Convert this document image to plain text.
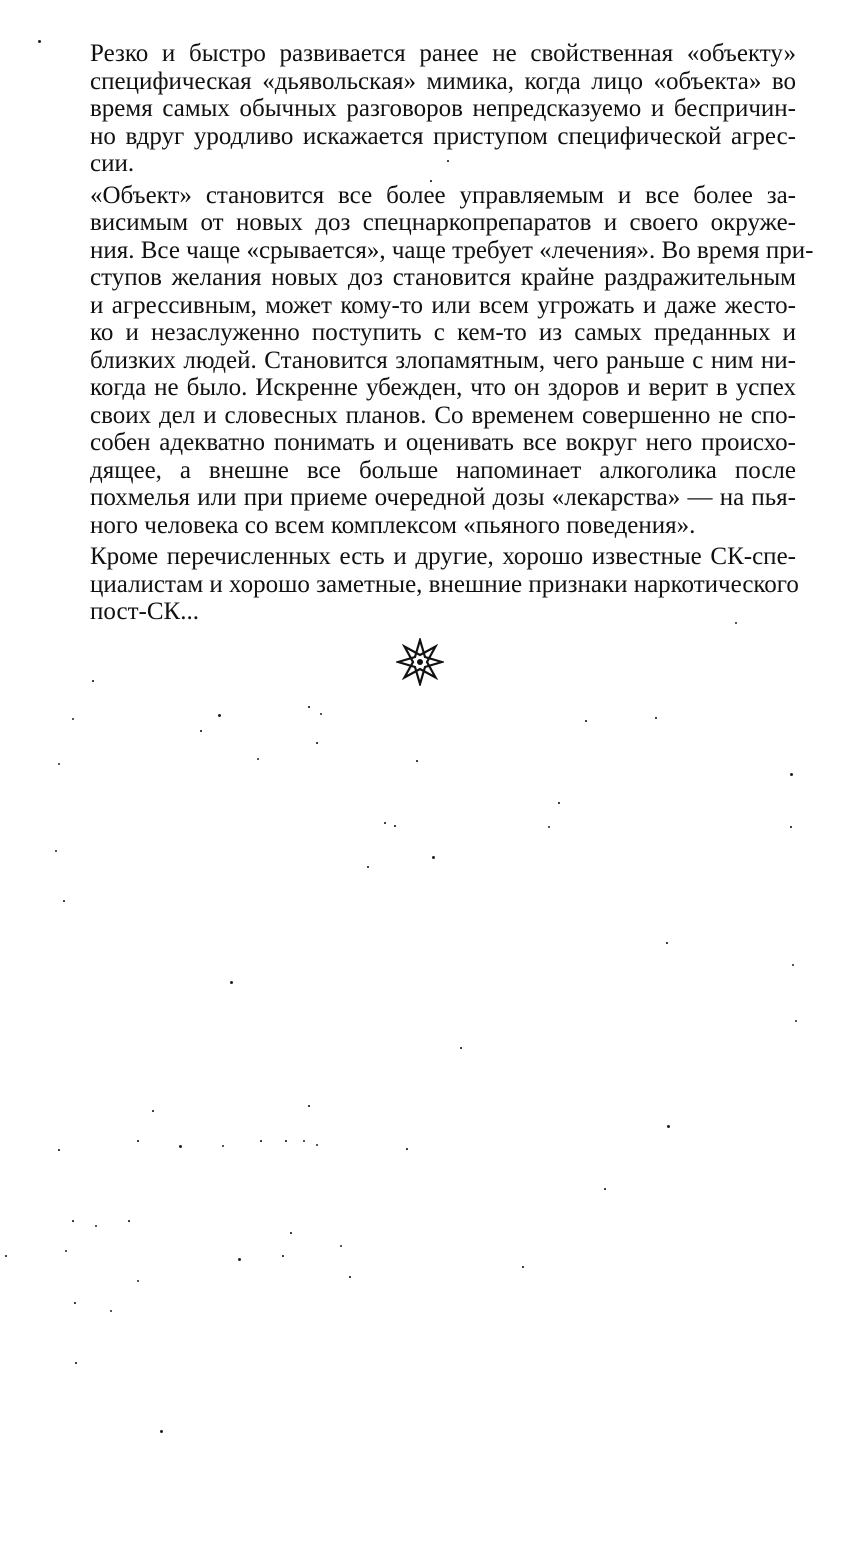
Резко и быстро развивается ранее не свойственная «объекту»
специфическая «дьявольская» мимика, когда лицо «объекта» во
время самых обычных разговоров непредсказуемо и беспричин-
но вдруг уродливо искажается приступом специфической агрес-
сии.

«Объект» становится все более управляемым и все более за-
висимым от новых доз спецнаркопрепаратов и своего окруже-
ния. Все чаще «срывается», чаще требует «лечения». Во время при-
ступов желания новых доз становится крайне раздражительным
и агрессивным, может кому-то или всем угрожать и даже жесто-
ко и незаслуженно поступить с кем-то из самых преданных и
близких людей. Становится злопамятным, чего раньше с ним ни-
когда не было. Искренне убежден, что он здоров и верит в успех
своих дел и словесных планов. Со временем совершенно не спо-
собен адекватно понимать и оценивать все вокруг него происхо-
дящее, а внешне все больше напоминает алкоголика после
похмелья или при приеме очередной дозы «лекарства» — на пья-
ного человека со всем комплексом «пьяного поведения».

Кроме перечисленных есть и другие, хорошо известные СК-спе-
циалистам и хорошо заметные, внешние признаки наркотического
пост-СК...
